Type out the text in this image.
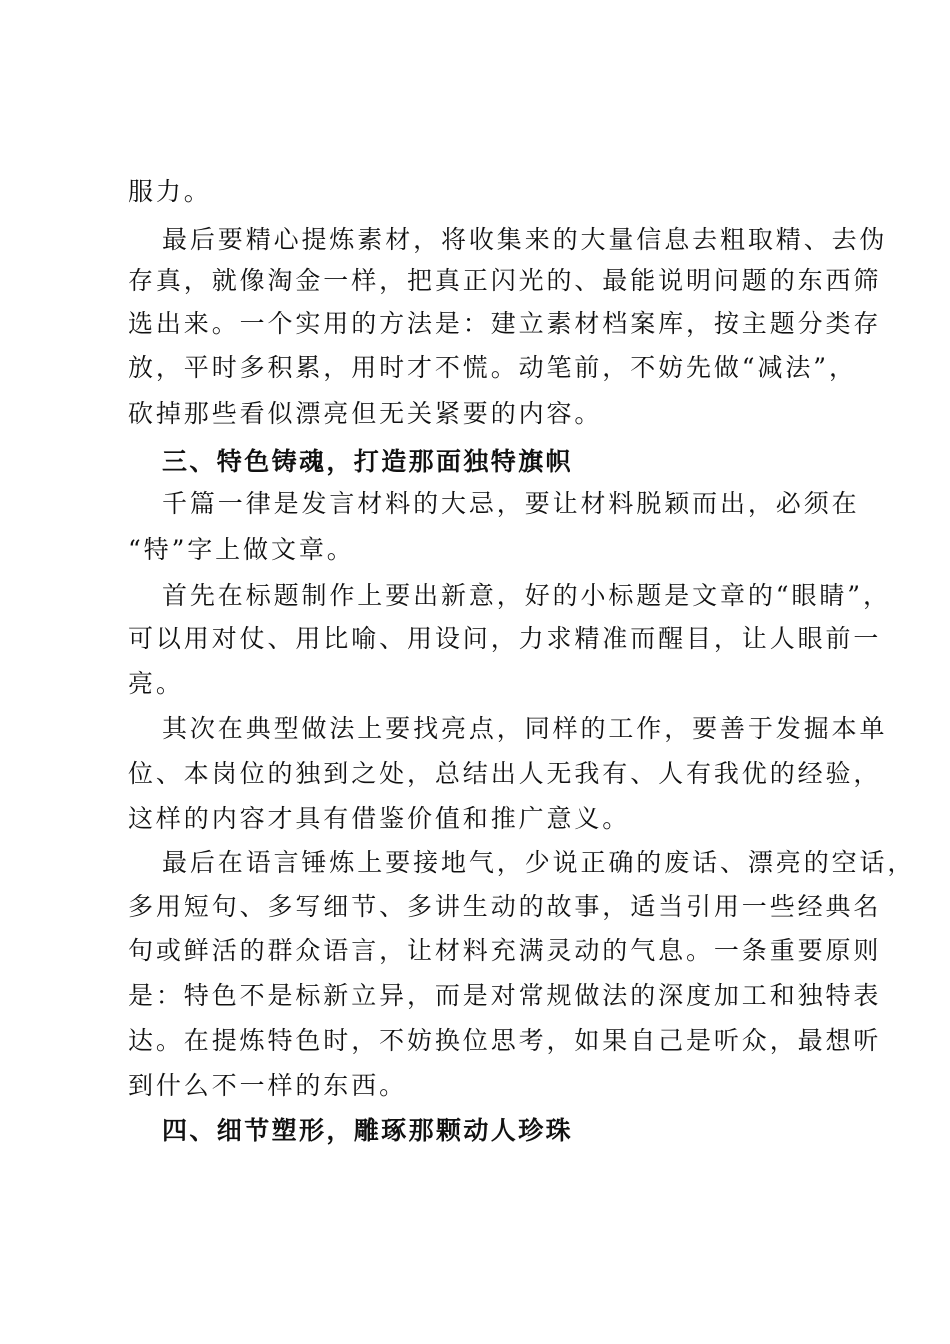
服力。
最后要精心提炼素材，将收集来的大量信息去粗取精、去伪
存真，就像淘金一样，把真正闪光的、最能说明问题的东西筛
选出来。一个实用的方法是：建立素材档案库，按主题分类存
放，平时多积累，用时才不慌。动笔前，不妨先做“减法”，
砍掉那些看似漂亮但无关紧要的内容。
三、特色铸魂，打造那面独特旗帜
千篇一律是发言材料的大忌，要让材料脱颖而出，必须在
“特”字上做文章。
首先在标题制作上要出新意，好的小标题是文章的“眼睛”，
可以用对仗、用比喻、用设问，力求精准而醒目，让人眼前一
亮。
其次在典型做法上要找亮点，同样的工作，要善于发掘本单
位、本岗位的独到之处，总结出人无我有、人有我优的经验，
这样的内容才具有借鉴价值和推广意义。
最后在语言锤炼上要接地气，少说正确的废话、漂亮的空话，
多用短句、多写细节、多讲生动的故事，适当引用一些经典名
句或鲜活的群众语言，让材料充满灵动的气息。一条重要原则
是：特色不是标新立异，而是对常规做法的深度加工和独特表
达。在提炼特色时，不妨换位思考，如果自己是听众，最想听
到什么不一样的东西。
四、细节塑形，雕琢那颗动人珍珠
